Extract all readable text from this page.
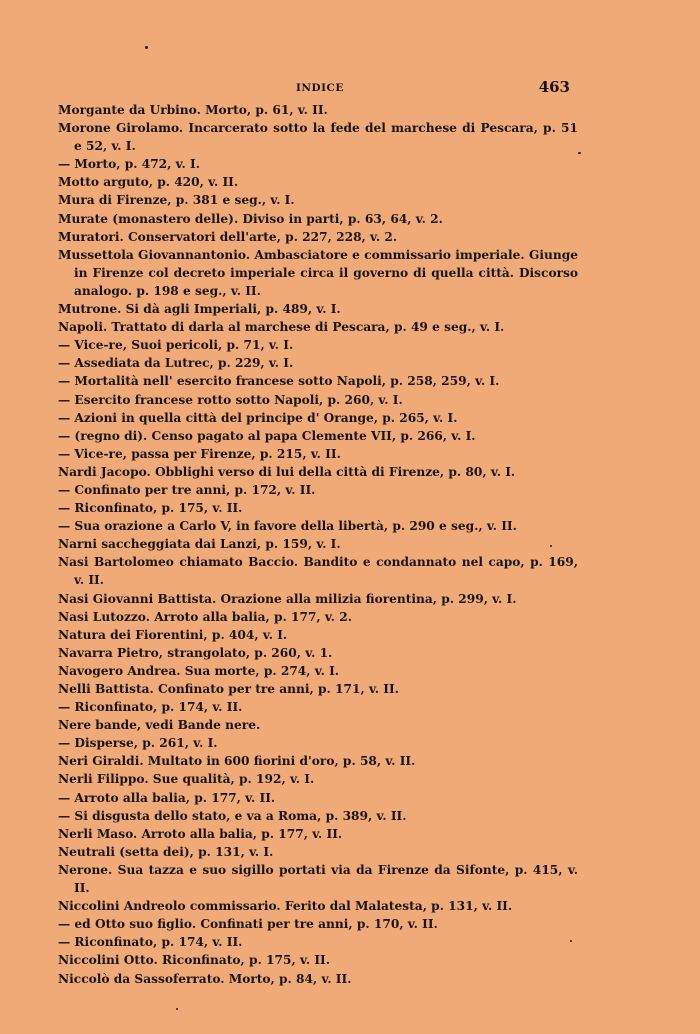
INDICE	463

Morgante da Urbino. Morto, p. 61, v. II.

Morone Girolamo. Incarcerato sotto la fede del marchese di Pescara, p. 51 e 52, v. I.

— Morto, p. 472, v. I.

Motto arguto, p. 420, v. II.

Mura di Firenze, p. 381 e seg., v. I.

Murate (monastero delle). Diviso in parti, p. 63, 64, v. 2.

Muratori. Conservatori dell'arte, p. 227, 228, v. 2.

Mussettola Giovannantonio. Ambasciatore e commissario imperiale. Giunge in Firenze col decreto imperiale circa il governo di quella città. Discorso analogo. p. 198 e seg., v. II.

Mutrone. Si dà agli Imperiali, p. 489, v. I.

Napoli. Trattato di darla al marchese di Pescara, p. 49 e seg., v. I.

— Vice-re, Suoi pericoli, p. 71, v. I.

— Assediata da Lutrec, p. 229, v. I.

— Mortalità nell' esercito francese sotto Napoli, p. 258, 259, v. I.

— Esercito francese rotto sotto Napoli, p. 260, v. I.

— Azioni in quella città del principe d' Orange, p. 265, v. I.

— (regno di). Censo pagato al papa Clemente VII, p. 266, v. I.

— Vice-re, passa per Firenze, p. 215, v. II.

Nardi Jacopo. Obblighi verso di lui della città di Firenze, p. 80, v. I.

— Confinato per tre anni, p. 172, v. II.

— Riconfinato, p. 175, v. II.

— Sua orazione a Carlo V, in favore della libertà, p. 290 e seg., v. II.

Narni saccheggiata dai Lanzi, p. 159, v. I.

Nasi Bartolomeo chiamato Baccio. Bandito e condannato nel capo, p. 169, v. II.

Nasi Giovanni Battista. Orazione alla milizia fiorentina, p. 299, v. I.

Nasi Lutozzo. Arroto alla balia, p. 177, v. 2.

Natura dei Fiorentini, p. 404, v. I.

Navarra Pietro, strangolato, p. 260, v. 1.

Navogero Andrea. Sua morte, p. 274, v. I.

Nelli Battista. Confinato per tre anni, p. 171, v. II.

— Riconfinato, p. 174, v. II.

Nere bande, vedi Bande nere.

— Disperse, p. 261, v. I.

Neri Giraldi. Multato in 600 fiorini d'oro, p. 58, v. II.

Nerli Filippo. Sue qualità, p. 192, v. I.

— Arroto alla balia, p. 177, v. II.

— Si disgusta dello stato, e va a Roma, p. 389, v. II.

Nerli Maso. Arroto alla balia, p. 177, v. II.

Neutrali (setta dei), p. 131, v. I.

Nerone. Sua tazza e suo sigillo portati via da Firenze da Sifonte, p. 415, v. II.

Niccolini Andreolo commissario. Ferito dal Malatesta, p. 131, v. II.

— ed Otto suo figlio. Confinati per tre anni, p. 170, v. II.

— Riconfinato, p. 174, v. II.

Niccolini Otto. Riconfinato, p. 175, v. II.

Niccolò da Sassoferrato. Morto, p. 84, v. II.
